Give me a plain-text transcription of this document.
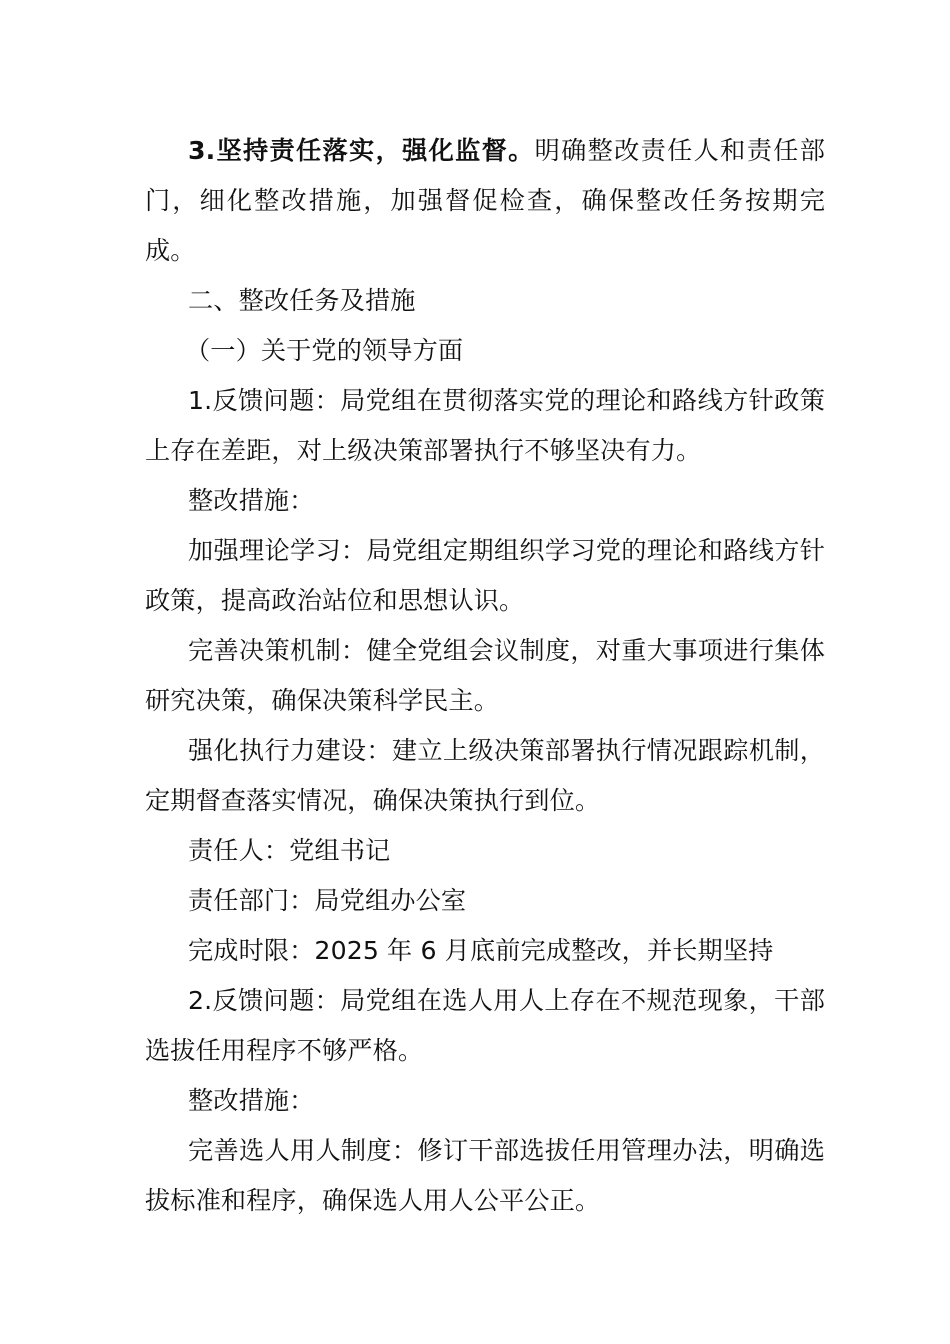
3.坚持责任落实，强化监督。明确整改责任人和责任部门，细化整改措施，加强督促检查，确保整改任务按期完成。

二、整改任务及措施

（一）关于党的领导方面

1.反馈问题：局党组在贯彻落实党的理论和路线方针政策上存在差距，对上级决策部署执行不够坚决有力。

整改措施：

加强理论学习：局党组定期组织学习党的理论和路线方针政策，提高政治站位和思想认识。

完善决策机制：健全党组会议制度，对重大事项进行集体研究决策，确保决策科学民主。

强化执行力建设：建立上级决策部署执行情况跟踪机制，定期督查落实情况，确保决策执行到位。

责任人：党组书记

责任部门：局党组办公室

完成时限：2025 年 6 月底前完成整改，并长期坚持

2.反馈问题：局党组在选人用人上存在不规范现象，干部选拔任用程序不够严格。

整改措施：

完善选人用人制度：修订干部选拔任用管理办法，明确选拔标准和程序，确保选人用人公平公正。
